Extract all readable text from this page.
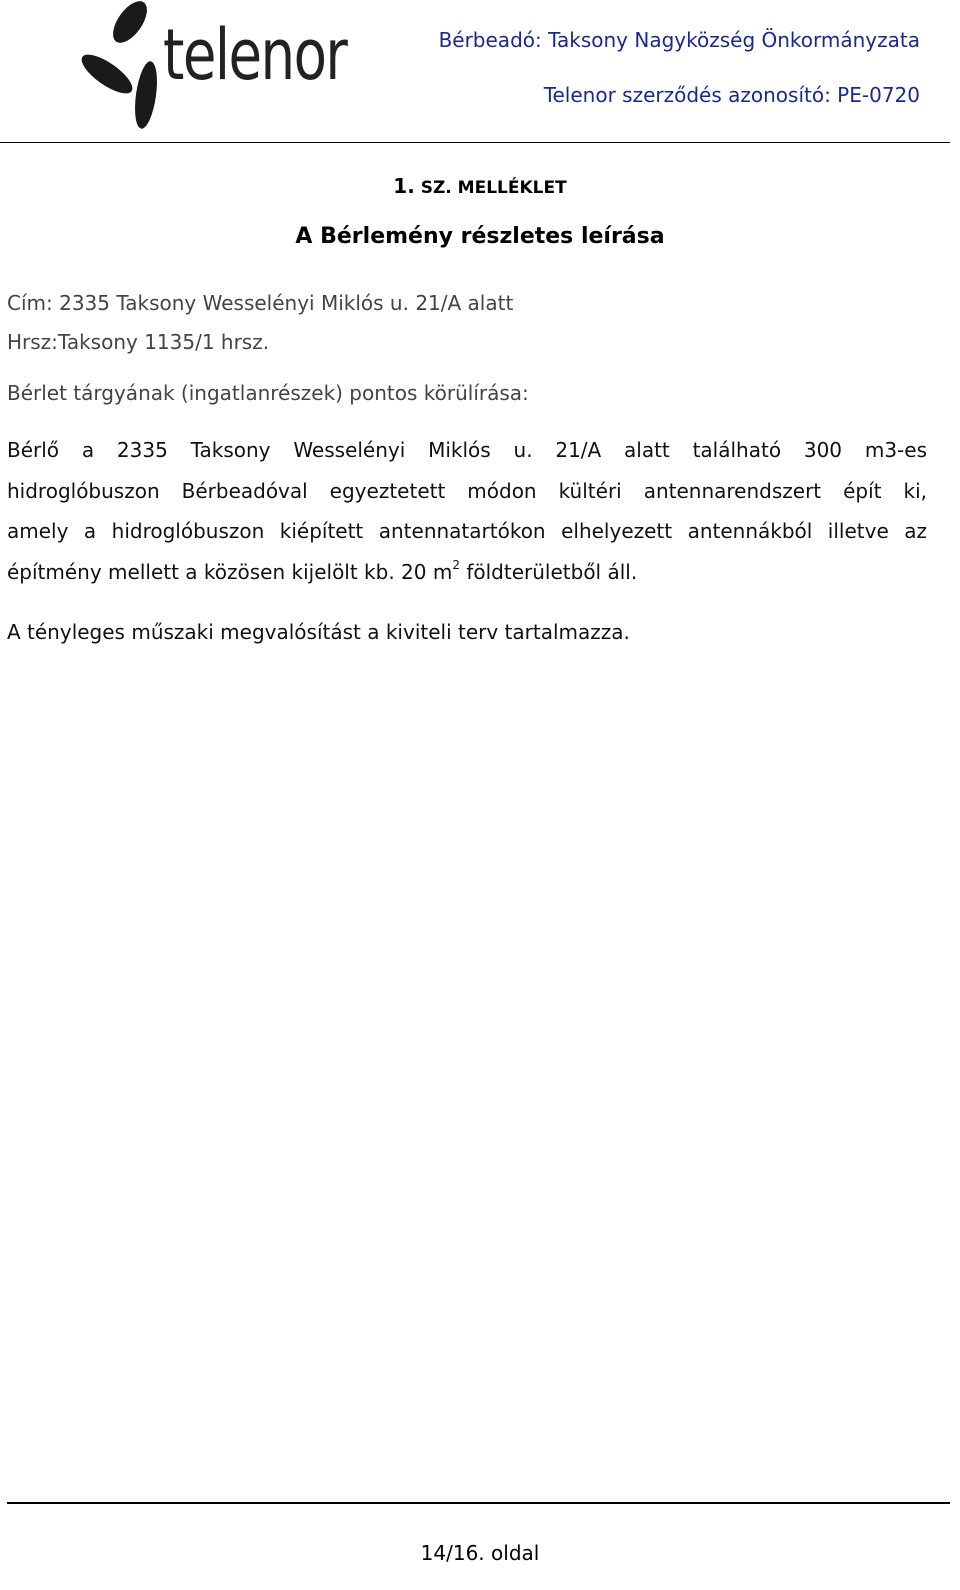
telenor	Bérbeadó: Taksony Nagyközség Önkormányzata
Telenor szerződés azonosító: PE-0720
1. SZ. MELLÉKLET
A Bérlemény részletes leírása
Cím: 2335 Taksony Wesselényi Miklós u. 21/A alatt
Hrsz:Taksony 1135/1 hrsz.
Bérlet tárgyának (ingatlanrészek) pontos körülírása:
Bérlő a 2335 Taksony Wesselényi Miklós u. 21/A alatt található 300 m3-es
hidroglóbuszon Bérbeadóval egyeztetett módon kültéri antennarendszert épít ki,
amely a hidroglóbuszon kiépített antennatartókon elhelyezett antennákból illetve az
építmény mellett a közösen kijelölt kb. 20 $m^2$ földterületből áll.
A tényleges műszaki megvalósítást a kiviteli terv tartalmazza.
14/16. oldal
